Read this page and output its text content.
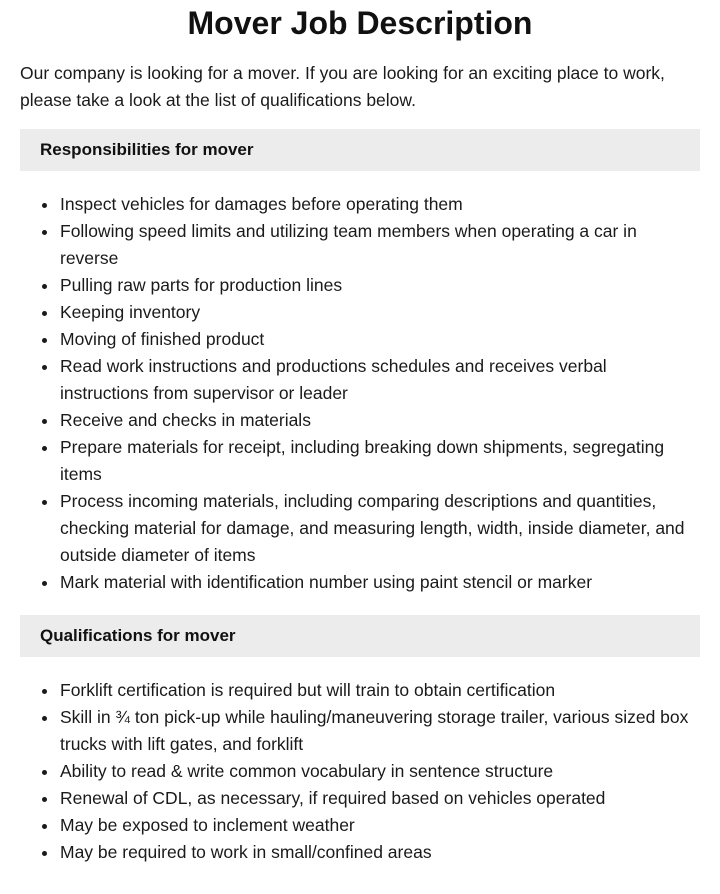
Mover Job Description

Our company is looking for a mover. If you are looking for an exciting place to work, please take a look at the list of qualifications below.

Responsibilities for mover
Inspect vehicles for damages before operating them
Following speed limits and utilizing team members when operating a car in reverse
Pulling raw parts for production lines
Keeping inventory
Moving of finished product
Read work instructions and productions schedules and receives verbal instructions from supervisor or leader
Receive and checks in materials
Prepare materials for receipt, including breaking down shipments, segregating items
Process incoming materials, including comparing descriptions and quantities, checking material for damage, and measuring length, width, inside diameter, and outside diameter of items
Mark material with identification number using paint stencil or marker
Qualifications for mover
Forklift certification is required but will train to obtain certification
Skill in ¾ ton pick-up while hauling/maneuvering storage trailer, various sized box trucks with lift gates, and forklift
Ability to read & write common vocabulary in sentence structure
Renewal of CDL, as necessary, if required based on vehicles operated
May be exposed to inclement weather
May be required to work in small/confined areas
